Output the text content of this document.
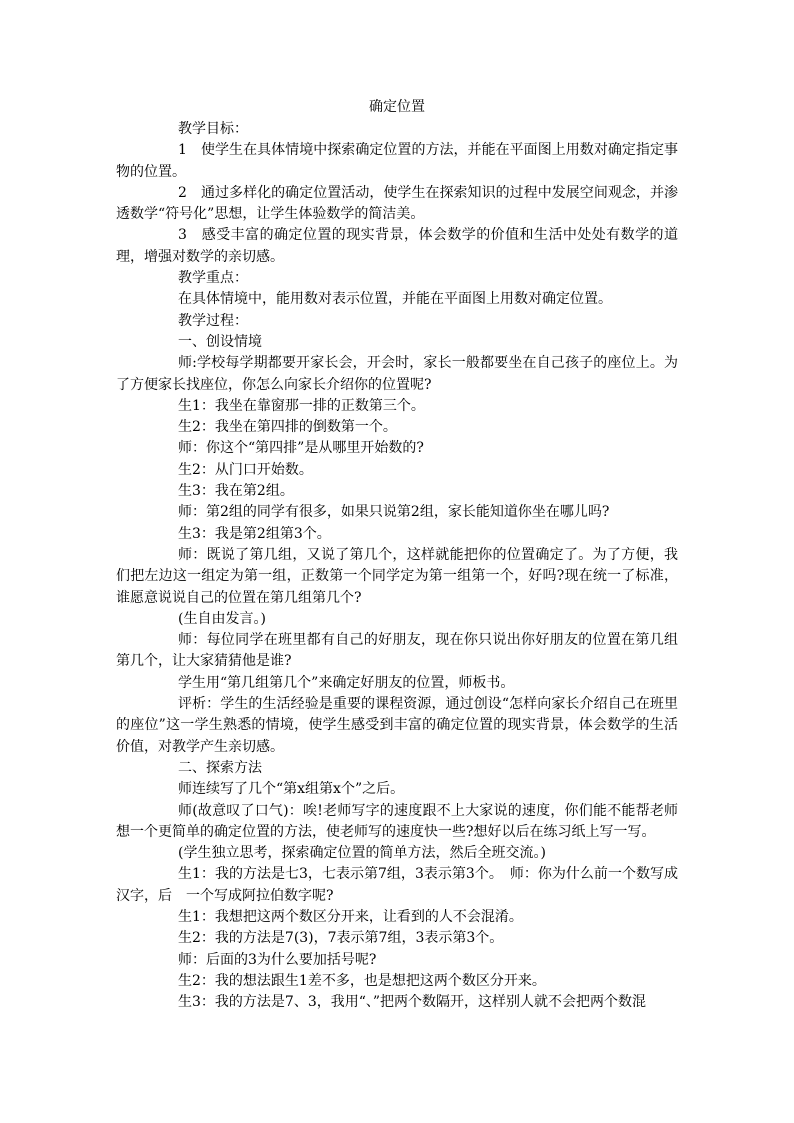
确定位置
教学目标：
1　使学生在具体情境中探索确定位置的方法，并能在平面图上用数对确定指定事物的位置。
2　通过多样化的确定位置活动，使学生在探索知识的过程中发展空间观念，并渗透数学“符号化”思想，让学生体验数学的简洁美。
3　感受丰富的确定位置的现实背景，体会数学的价值和生活中处处有数学的道理，增强对数学的亲切感。
教学重点：
在具体情境中，能用数对表示位置，并能在平面图上用数对确定位置。
教学过程：
一、创设情境
师:学校每学期都要开家长会，开会时，家长一般都要坐在自己孩子的座位上。为了方便家长找座位，你怎么向家长介绍你的位置呢?
生1：我坐在靠窗那一排的正数第三个。
生2：我坐在第四排的倒数第一个。
师：你这个“第四排”是从哪里开始数的?
生2：从门口开始数。
生3：我在第2组。
师：第2组的同学有很多，如果只说第2组，家长能知道你坐在哪儿吗?
生3：我是第2组第3个。
师：既说了第几组，又说了第几个，这样就能把你的位置确定了。为了方便，我们把左边这一组定为第一组，正数第一个同学定为第一组第一个，好吗?现在统一了标准，谁愿意说说自己的位置在第几组第几个?
(生自由发言。)
师：每位同学在班里都有自己的好朋友，现在你只说出你好朋友的位置在第几组第几个，让大家猜猜他是谁?
学生用“第几组第几个”来确定好朋友的位置，师板书。
评析：学生的生活经验是重要的课程资源，通过创设“怎样向家长介绍自己在班里的座位”这一学生熟悉的情境，使学生感受到丰富的确定位置的现实背景，体会数学的生活价值，对教学产生亲切感。
二、探索方法
师连续写了几个“第x组第x个”之后。
师(故意叹了口气)：唉!老师写字的速度跟不上大家说的速度，你们能不能帮老师想一个更简单的确定位置的方法，使老师写的速度快一些?想好以后在练习纸上写一写。
(学生独立思考，探索确定位置的简单方法，然后全班交流。)
生1：我的方法是七3，七表示第7组，3表示第3个。　师：你为什么前一个数写成汉字，后　一个写成阿拉伯数字呢?
生1：我想把这两个数区分开来，让看到的人不会混淆。
生2：我的方法是7(3)，7表示第7组，3表示第3个。
师：后面的3为什么要加括号呢?
生2：我的想法跟生1差不多，也是想把这两个数区分开来。
生3：我的方法是7、3，我用“、”把两个数隔开，这样别人就不会把两个数混
